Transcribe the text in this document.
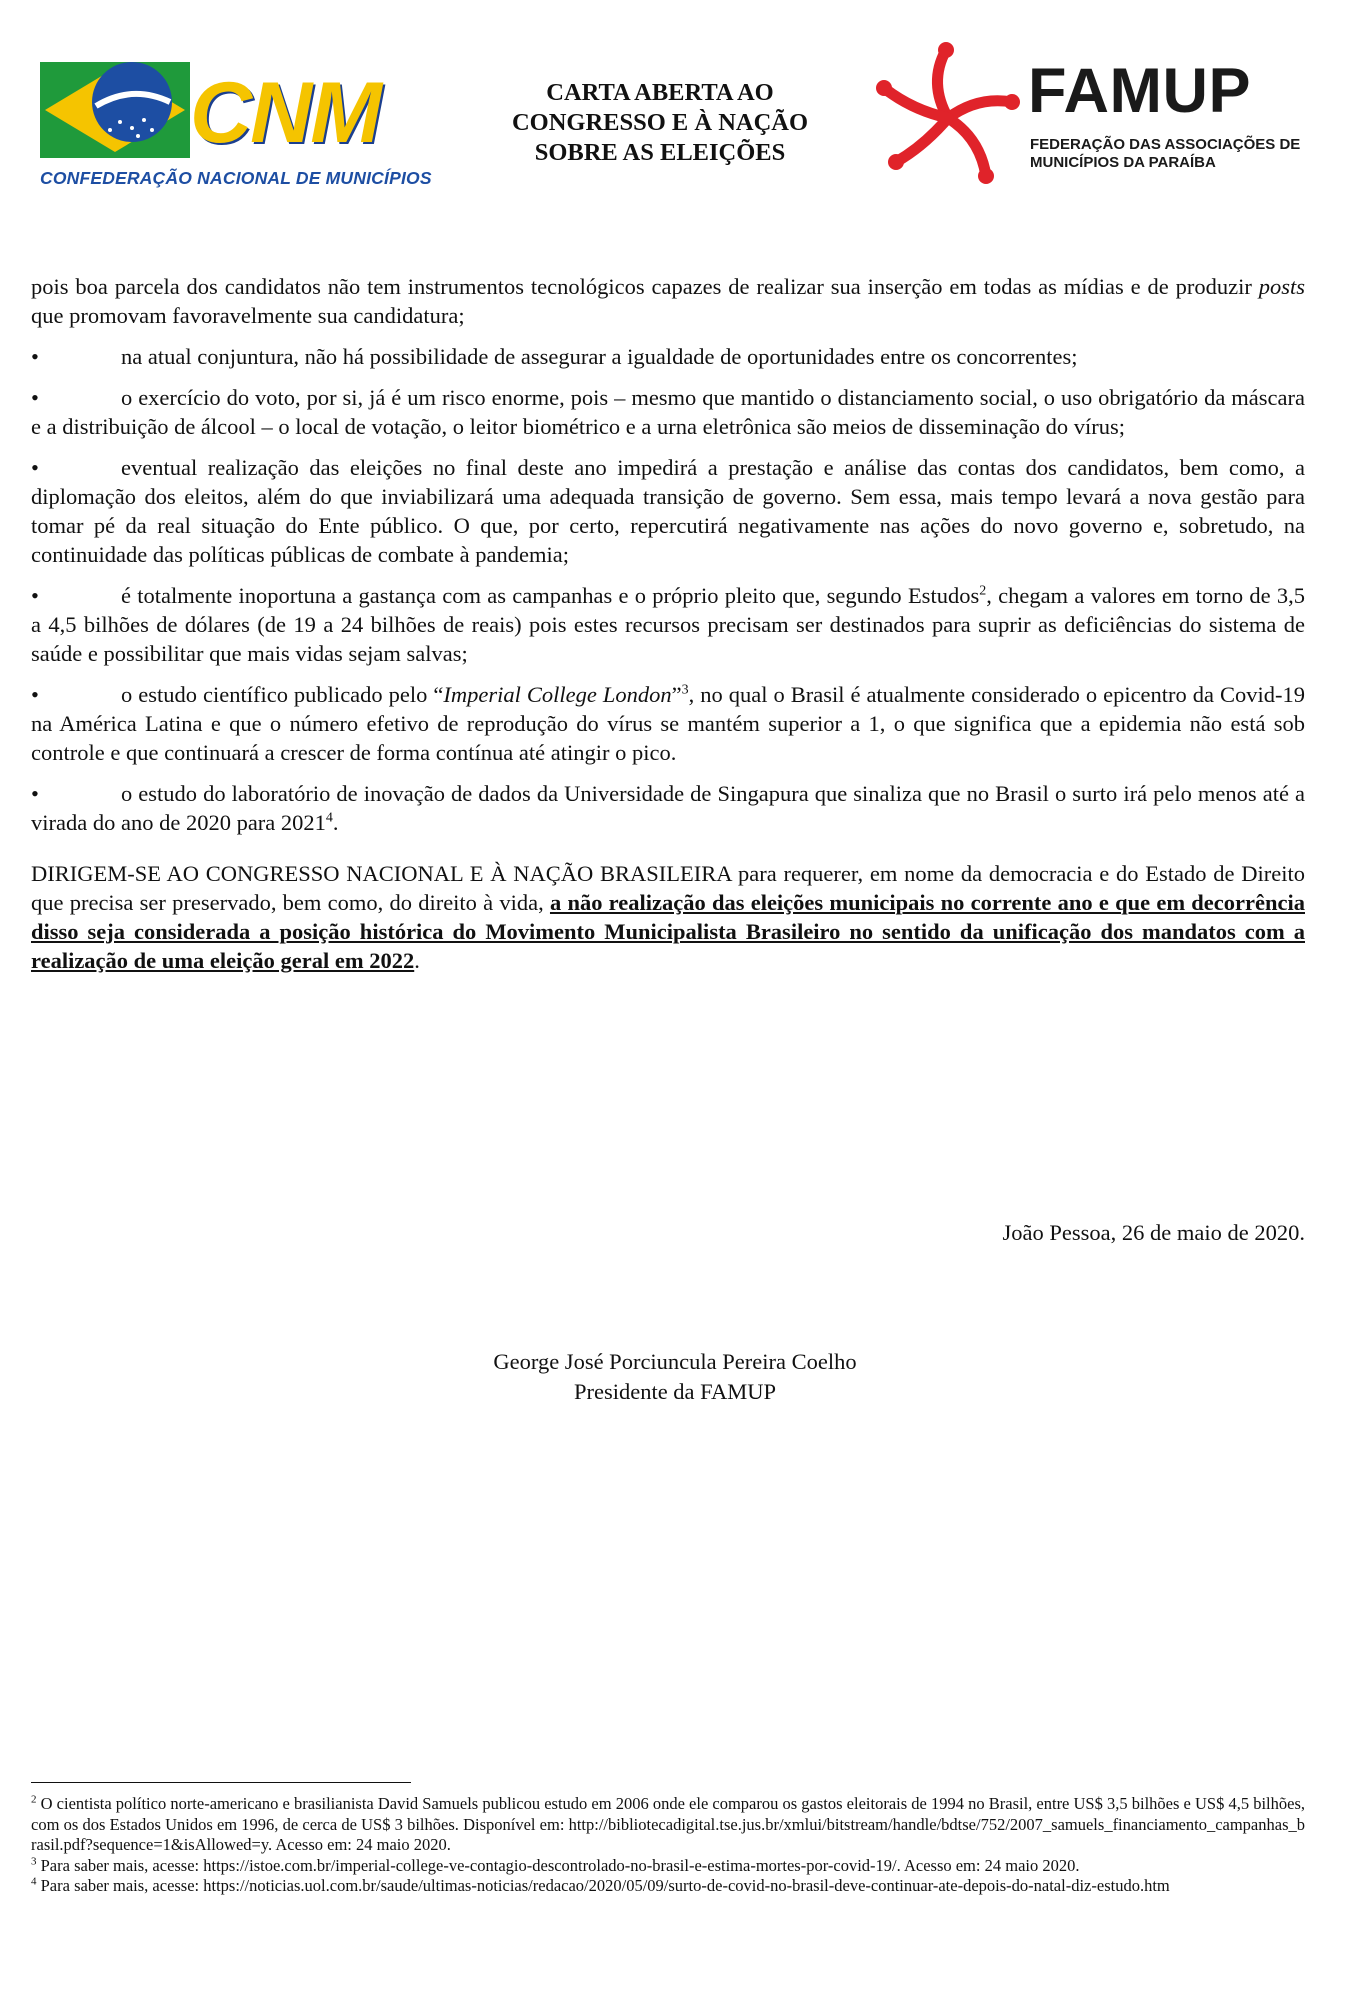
CNM
CONFEDERAÇÃO NACIONAL DE MUNICÍPIOS
CARTA ABERTA AO
CONGRESSO E À NAÇÃO
SOBRE AS ELEIÇÕES
FAMUP
FEDERAÇÃO DAS ASSOCIAÇÕES DE
MUNICÍPIOS DA PARAÍBA

pois boa parcela dos candidatos não tem instrumentos tecnológicos capazes de realizar sua inserção em todas as mídias e de produzir posts que promovam favoravelmente sua candidatura;

•	na atual conjuntura, não há possibilidade de assegurar a igualdade de oportunidades entre os concorrentes;

•	o exercício do voto, por si, já é um risco enorme, pois – mesmo que mantido o distanciamento social, o uso obrigatório da máscara e a distribuição de álcool – o local de votação, o leitor biométrico e a urna eletrônica são meios de disseminação do vírus;

•	eventual realização das eleições no final deste ano impedirá a prestação e análise das contas dos candidatos, bem como, a diplomação dos eleitos, além do que inviabilizará uma adequada transição de governo. Sem essa, mais tempo levará a nova gestão para tomar pé da real situação do Ente público. O que, por certo, repercutirá negativamente nas ações do novo governo e, sobretudo, na continuidade das políticas públicas de combate à pandemia;

•	é totalmente inoportuna a gastança com as campanhas e o próprio pleito que, segundo Estudos$^2$, chegam a valores em torno de 3,5 a 4,5 bilhões de dólares (de 19 a 24 bilhões de reais) pois estes recursos precisam ser destinados para suprir as deficiências do sistema de saúde e possibilitar que mais vidas sejam salvas;

•	o estudo científico publicado pelo “Imperial College London”$^3$, no qual o Brasil é atualmente considerado o epicentro da Covid-19 na América Latina e que o número efetivo de reprodução do vírus se mantém superior a 1, o que significa que a epidemia não está sob controle e que continuará a crescer de forma contínua até atingir o pico.

•	o estudo do laboratório de inovação de dados da Universidade de Singapura que sinaliza que no Brasil o surto irá pelo menos até a virada do ano de 2020 para 2021$^4$.

DIRIGEM-SE AO CONGRESSO NACIONAL E À NAÇÃO BRASILEIRA para requerer, em nome da democracia e do Estado de Direito que precisa ser preservado, bem como, do direito à vida, a não realização das eleições municipais no corrente ano e que em decorrência disso seja considerada a posição histórica do Movimento Municipalista Brasileiro no sentido da unificação dos mandatos com a realização de uma eleição geral em 2022.

João Pessoa, 26 de maio de 2020.
George José Porciuncula Pereira Coelho
Presidente da FAMUP

$^2$ O cientista político norte-americano e brasilianista David Samuels publicou estudo em 2006 onde ele comparou os gastos eleitorais de 1994 no Brasil, entre US$ 3,5 bilhões e US$ 4,5 bilhões, com os dos Estados Unidos em 1996, de cerca de US$ 3 bilhões. Disponível em: http://bibliotecadigital.tse.jus.br/xmlui/bitstream/handle/bdtse/752/2007_samuels_financiamento_campanhas_brasil.pdf?sequence=1&isAllowed=y. Acesso em: 24 maio 2020.

$^3$ Para saber mais, acesse: https://istoe.com.br/imperial-college-ve-contagio-descontrolado-no-brasil-e-estima-mortes-por-covid-19/. Acesso em: 24 maio 2020.

$^4$ Para saber mais, acesse: https://noticias.uol.com.br/saude/ultimas-noticias/redacao/2020/05/09/surto-de-covid-no-brasil-deve-continuar-ate-depois-do-natal-diz-estudo.htm
